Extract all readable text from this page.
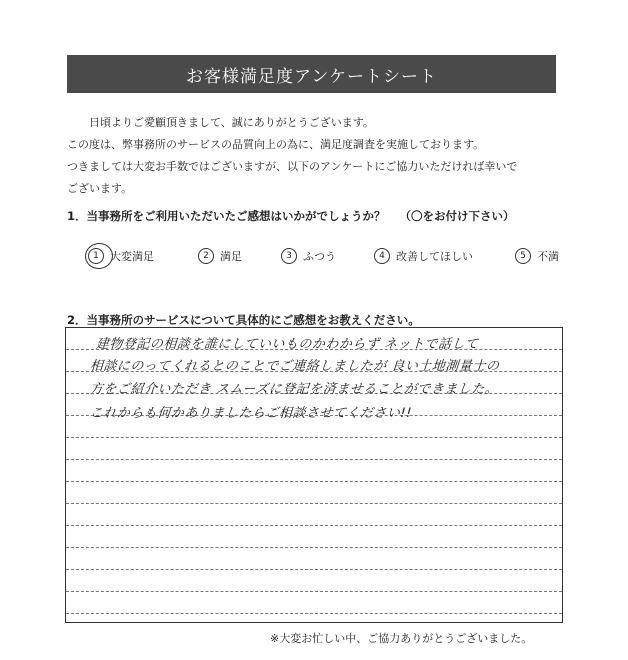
お客様満足度アンケートシート
日頃よりご愛顧頂きまして、誠にありがとうございます。
この度は、弊事務所のサービスの品質向上の為に、満足度調査を実施しております。
つきましては大変お手数ではございますが、以下のアンケートにご協力いただければ幸いで
ございます。
1．当事務所をご利用いただいたご感想はいかがでしょうか？ （〇をお付け下さい）
1	大変満足	2	満足	3	ふつう	4	改善してほしい	5	不満
2．当事務所のサービスについて具体的にご感想をお教えください。
建物登記の相談を誰にしていいものかわからず ネットで話して
相談にのってくれるとのことでご連絡しましたが 良い土地測量士の
方をご紹介いただき スムーズに登記を済ませることができました。
これからも何かありましたらご相談させてください!!
※大変お忙しい中、ご協力ありがとうございました。
